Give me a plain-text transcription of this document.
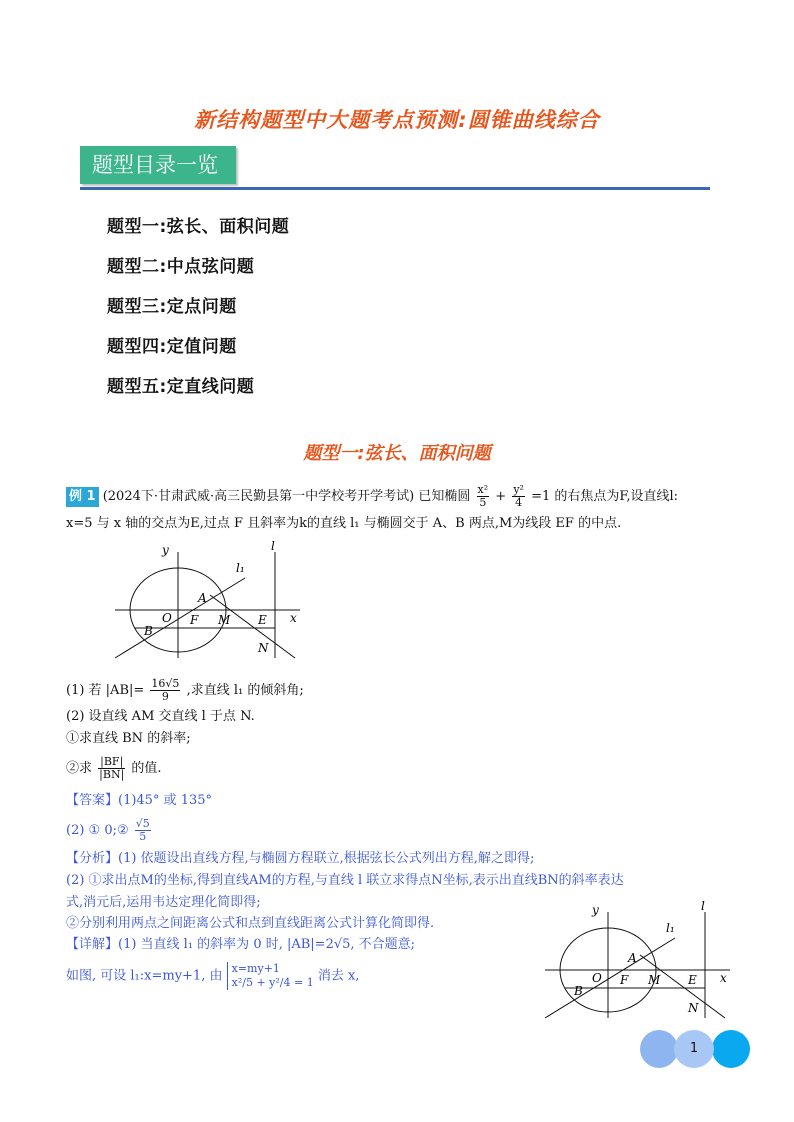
新结构题型中大题考点预测:圆锥曲线综合
题型目录一览
题型一:弦长、面积问题
题型二:中点弦问题
题型三:定点问题
题型四:定值问题
题型五:定直线问题
题型一:弦长、面积问题
例 1 (2024下·甘肃武威·高三民勤县第一中学校考开学考试) 已知椭圆 $\frac{\text{x²}}{5} + \frac{\text{y²}}{4} =1$ 的右焦点为F,设直线l:
x=5 与 x 轴的交点为E,过点 F 且斜率为k的直线 l₁ 与椭圆交于 A、B 两点,M为线段 EF 的中点.
y
l₁
l
A
O F M E x
B
N
(1) 若 $|AB|= \frac{16√5}{9}$ ,求直线 l₁ 的倾斜角;
(2) 设直线 AM 交直线 l 于点 N.
①求直线 BN 的斜率;
②求 $\frac{|BF|}{|BN|}$ 的值.
【答案】(1)45° 或 135°
(2) ① 0;② $\frac{√5}{5}$
【分析】(1) 依题设出直线方程,与椭圆方程联立,根据弦长公式列出方程,解之即得;
(2) ①求出点M的坐标,得到直线AM的方程,与直线 l 联立求得点N坐标,表示出直线BN的斜率表达
式,消元后,运用韦达定理化简即得;
②分别利用两点之间距离公式和点到直线距离公式计算化简即得.
【详解】(1) 当直线 l₁ 的斜率为 0 时, |AB|=2√5, 不合题意;
如图, 可设 l₁:x=my+1, 由 x=my+1
x²/5 + y²/4 = 1 消去 x,
y
l₁
l
A
O F M E x
B
N
1
